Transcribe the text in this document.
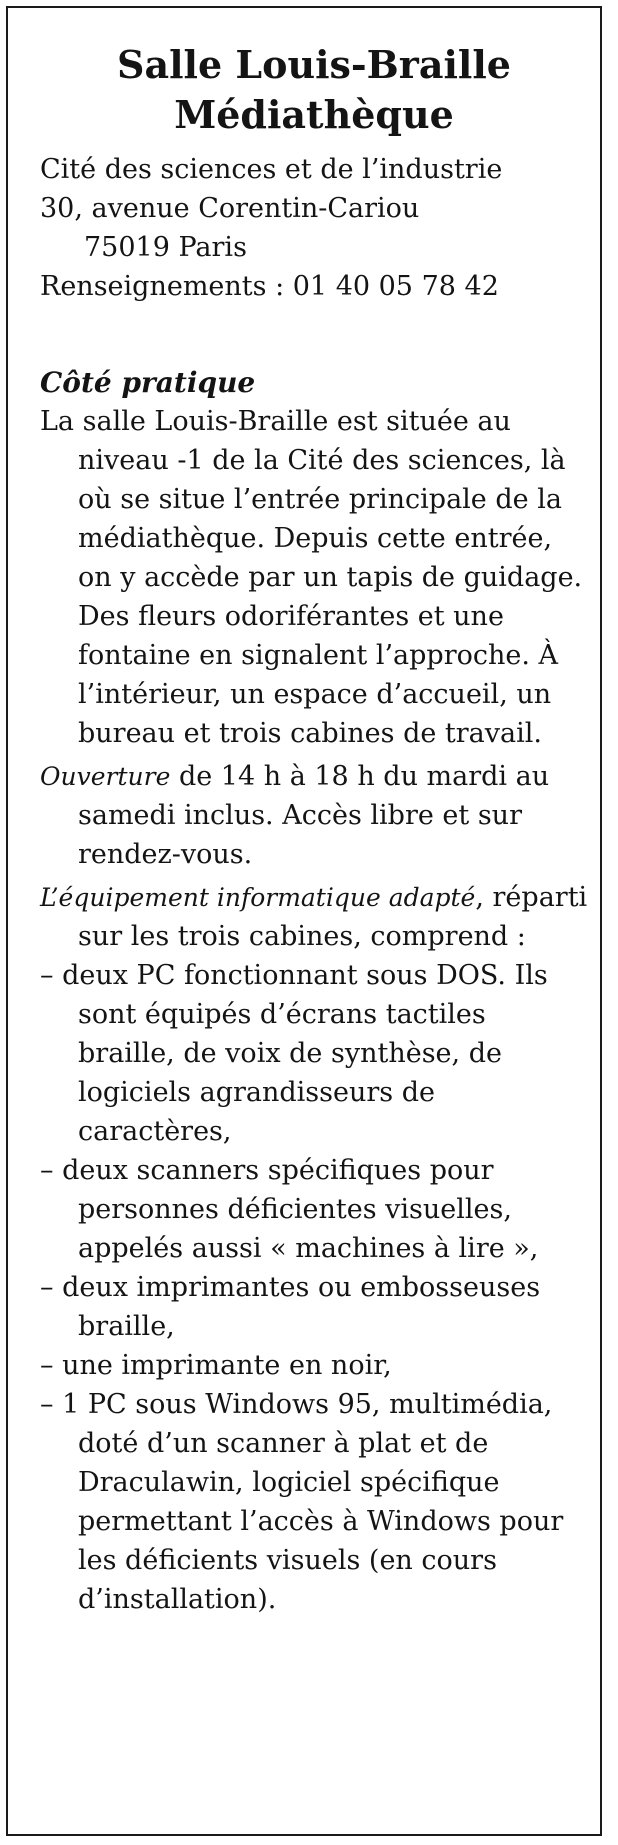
Salle Louis-Braille
Médiathèque
Cité des sciences et de l’industrie
30, avenue Corentin-Cariou
75019 Paris
Renseignements : 01 40 05 78 42
Côté pratique

La salle Louis-Braille est située au niveau -1 de la Cité des sciences, là où se situe l’entrée principale de la médiathèque. Depuis cette entrée, on y accède par un tapis de guidage. Des fleurs odoriférantes et une fontaine en signalent l’approche. À l’intérieur, un espace d’accueil, un bureau et trois cabines de travail.

Ouverture de 14 h à 18 h du mardi au samedi inclus. Accès libre et sur rendez-vous.

L’équipement informatique adapté, réparti sur les trois cabines, comprend :

– deux PC fonctionnant sous DOS. Ils sont équipés d’écrans tactiles braille, de voix de synthèse, de logiciels agrandisseurs de caractères,
– deux scanners spécifiques pour personnes déficientes visuelles, appelés aussi « machines à lire »,
– deux imprimantes ou embosseuses braille,
– une imprimante en noir,
– 1 PC sous Windows 95, multimédia, doté d’un scanner à plat et de Draculawin, logiciel spécifique permettant l’accès à Windows pour les déficients visuels (en cours d’installation).
